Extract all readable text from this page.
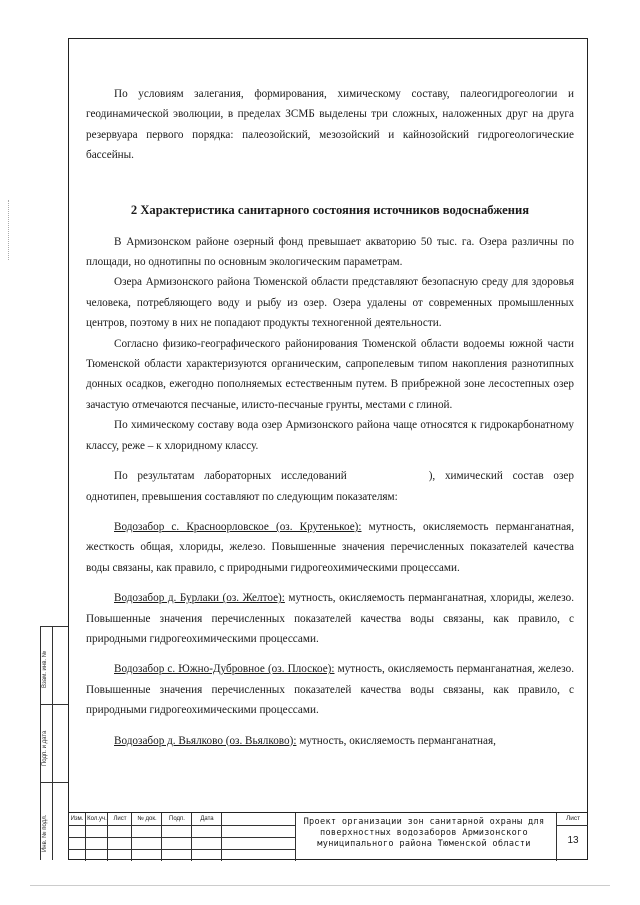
По условиям залегания, формирования, химическому составу, палеогидрогеологии и геодинамической эволюции, в пределах ЗСМБ выделены три сложных, наложенных друг на друга резервуара первого порядка: палеозойский, мезозойский и кайнозойский гидрогеологические бассейны.

2 Характеристика санитарного состояния источников водоснабжения

В Армизонском районе озерный фонд превышает акваторию 50 тыс. га. Озера различны по площади, но однотипны по основным экологическим параметрам.

Озера Армизонского района Тюменской области представляют безопасную среду для здоровья человека, потребляющего воду и рыбу из озер. Озера удалены от современных промышленных центров, поэтому в них не попадают продукты техногенной деятельности.

Согласно физико-географического районирования Тюменской области водоемы южной части Тюменской области характеризуются органическим, сапропелевым типом накопления разнотипных донных осадков, ежегодно пополняемых естественным путем. В прибрежной зоне лесостепных озер зачастую отмечаются песчаные, илисто-песчаные грунты, местами с глиной.

По химическому составу вода озер Армизонского района чаще относятся к гидрокарбонатному классу, реже – к хлоридному классу.

По результатам лабораторных исследований	), химический состав озер однотипен, превышения составляют по следующим показателям:

Водозабор с. Красноорловское (оз. Крутенькое): мутность, окисляемость перманганатная, жесткость общая, хлориды, железо. Повышенные значения перечисленных показателей качества воды связаны, как правило, с природными гидрогеохимическими процессами.

Водозабор д. Бурлаки (оз. Желтое): мутность, окисляемость перманганатная, хлориды, железо. Повышенные значения перечисленных показателей качества воды связаны, как правило, с природными гидрогеохимическими процессами.

Водозабор с. Южно-Дубровное (оз. Плоское): мутность, окисляемость перманганатная, железо. Повышенные значения перечисленных показателей качества воды связаны, как правило, с природными гидрогеохимическими процессами.

Водозабор д. Вьялково (оз. Вьялково): мутность, окисляемость перманганатная,

Изм. Кол.уч.	Лист	№ док.	Подп.	Дата	Проект организации зон санитарной охраны для поверхностных водозаборов Армизонского муниципального района Тюменской области
Лист
13
Взам. инв. №
Подп. и дата
Инв. № подл.
